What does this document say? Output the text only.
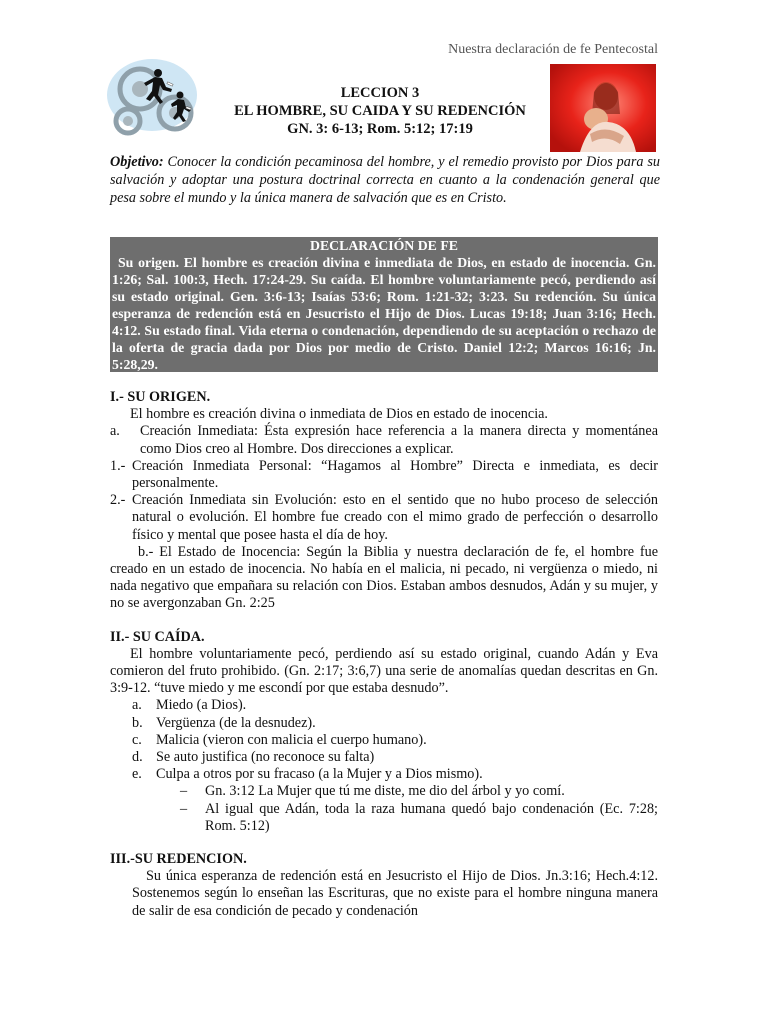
Nuestra declaración de fe Pentecostal
LECCION 3
EL HOMBRE, SU CAIDA Y SU REDENCIÓN
GN. 3: 6-13; Rom. 5:12; 17:19
Objetivo: Conocer la condición pecaminosa del hombre, y el remedio provisto por Dios para su salvación y adoptar una postura doctrinal correcta en cuanto a la condenación general que pesa sobre el mundo y la única manera de salvación que es en Cristo.
DECLARACIÓN DE FE
Su origen. El hombre es creación divina e inmediata de Dios, en estado de inocencia. Gn. 1:26; Sal. 100:3, Hech. 17:24-29. Su caída. El hombre voluntariamente pecó, perdiendo así su estado original. Gen. 3:6-13; Isaías 53:6; Rom. 1:21-32; 3:23. Su redención. Su única esperanza de redención está en Jesucristo el Hijo de Dios. Lucas 19:18; Juan 3:16; Hech. 4:12. Su estado final. Vida eterna o condenación, dependiendo de su aceptación o rechazo de la oferta de gracia dada por Dios por medio de Cristo. Daniel 12:2; Marcos 16:16; Jn. 5:28,29.

I.- SU ORIGEN.

El hombre es creación divina o inmediata de Dios en estado de inocencia.

a.	Creación Inmediata: Ésta expresión hace referencia a la manera directa y momentánea como Dios creo al Hombre. Dos direcciones a explicar.
1.- Creación Inmediata Personal: “Hagamos al Hombre” Directa e inmediata, es decir personalmente.
2.- Creación Inmediata sin Evolución: esto en el sentido que no hubo proceso de selección natural o evolución. El hombre fue creado con el mimo grado de perfección o desarrollo físico y mental que posee hasta el día de hoy.

b.- El Estado de Inocencia: Según la Biblia y nuestra declaración de fe, el hombre fue creado en un estado de inocencia. No había en el malicia, ni pecado, ni vergüenza o miedo, ni nada negativo que empañara su relación con Dios. Estaban ambos desnudos, Adán y su mujer, y no se avergonzaban Gn. 2:25

II.- SU CAÍDA.

El hombre voluntariamente pecó, perdiendo así su estado original, cuando Adán y Eva comieron del fruto prohibido. (Gn. 2:17; 3:6,7) una serie de anomalías quedan descritas en Gn. 3:9-12. “tuve miedo y me escondí por que estaba desnudo”.

a. Miedo (a Dios).
b. Vergüenza (de la desnudez).
c. Malicia (vieron con malicia el cuerpo humano).
d. Se auto justifica (no reconoce su falta)
e. Culpa a otros por su fracaso (a la Mujer y a Dios mismo).
–	Gn. 3:12 La Mujer que tú me diste, me dio del árbol y yo comí.
–	Al igual que Adán, toda la raza humana quedó bajo condenación (Ec. 7:28; Rom. 5:12)

III.-SU REDENCION.

Su única esperanza de redención está en Jesucristo el Hijo de Dios. Jn.3:16; Hech.4:12. Sostenemos según lo enseñan las Escrituras, que no existe para el hombre ninguna manera de salir de esa condición de pecado y condenación
